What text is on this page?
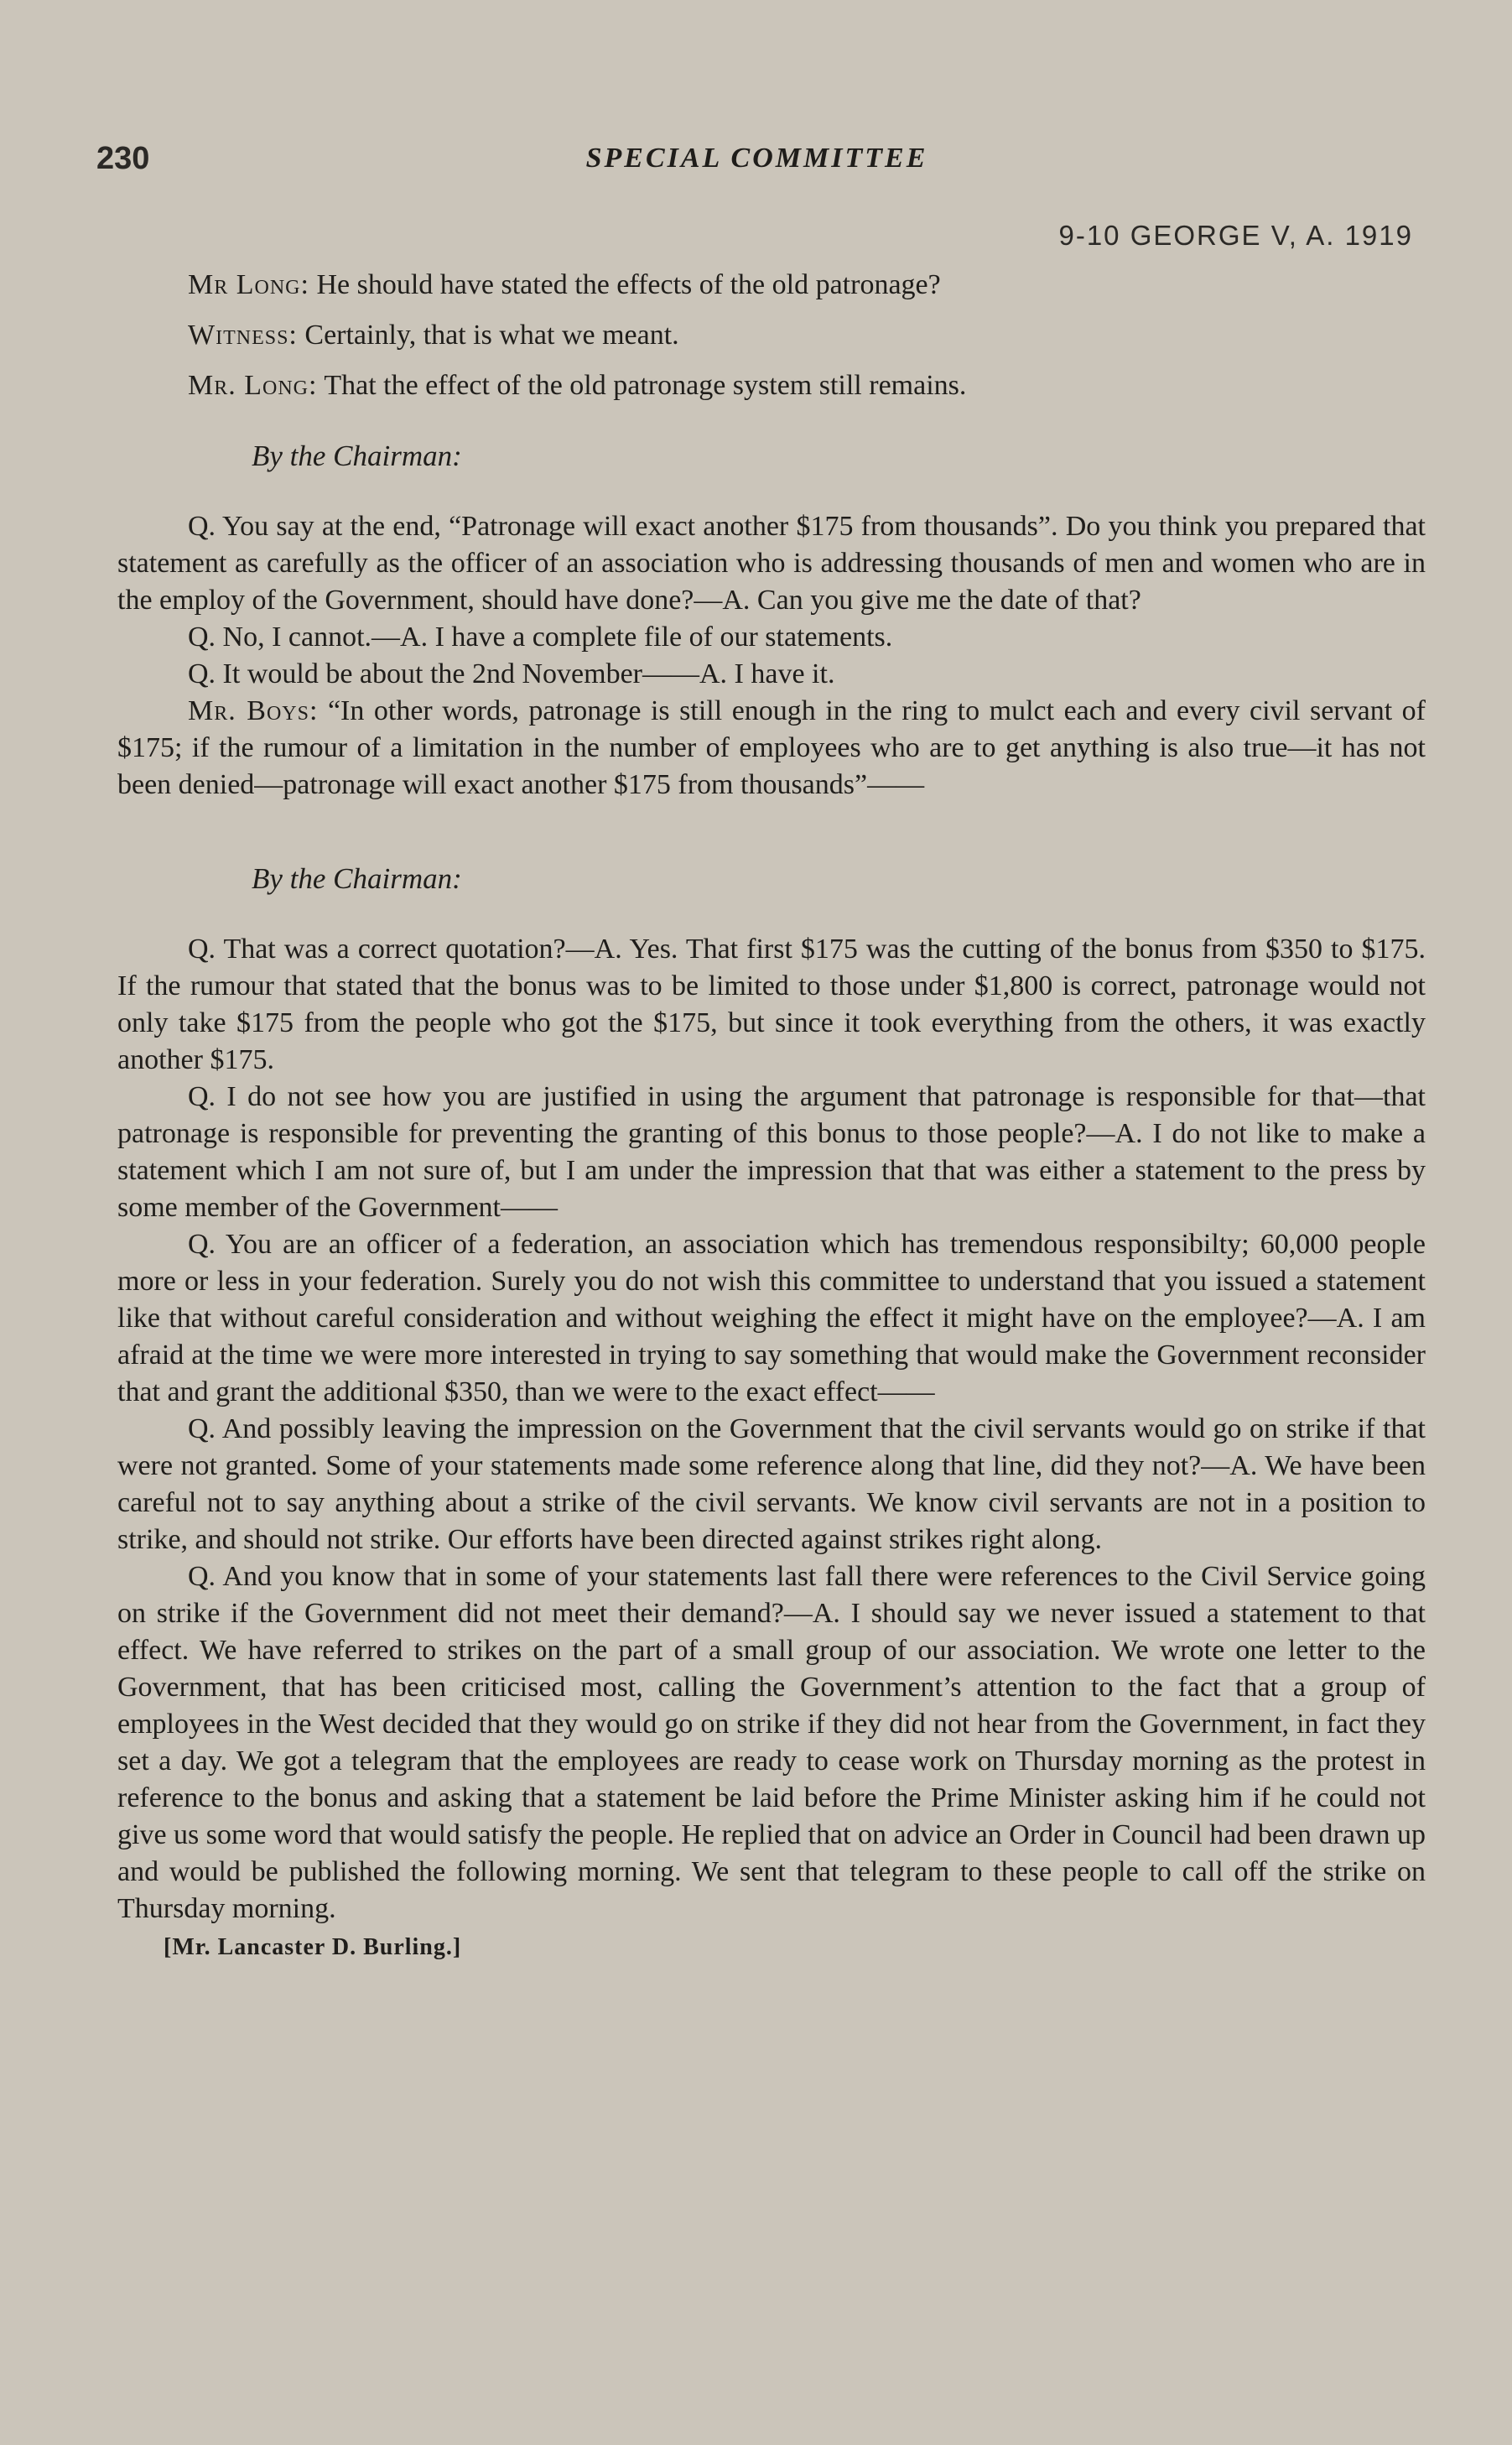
230	SPECIAL COMMITTEE
9-10 GEORGE V, A. 1919

Mr Long: He should have stated the effects of the old patronage?

Witness: Certainly, that is what we meant.

Mr. Long: That the effect of the old patronage system still remains.

By the Chairman:

Q. You say at the end, “Patronage will exact another $175 from thousands”. Do you think you prepared that statement as carefully as the officer of an association who is addressing thousands of men and women who are in the employ of the Government, should have done?—A. Can you give me the date of that?

Q. No, I cannot.—A. I have a complete file of our statements.

Q. It would be about the 2nd November——A. I have it.

Mr. Boys: “In other words, patronage is still enough in the ring to mulct each and every civil servant of $175; if the rumour of a limitation in the number of employees who are to get anything is also true—it has not been denied—patronage will exact another $175 from thousands”——

By the Chairman:

Q. That was a correct quotation?—A. Yes. That first $175 was the cutting of the bonus from $350 to $175. If the rumour that stated that the bonus was to be limited to those under $1,800 is correct, patronage would not only take $175 from the people who got the $175, but since it took everything from the others, it was exactly another $175.

Q. I do not see how you are justified in using the argument that patronage is responsible for that—that patronage is responsible for preventing the granting of this bonus to those people?—A. I do not like to make a statement which I am not sure of, but I am under the impression that that was either a statement to the press by some member of the Government——

Q. You are an officer of a federation, an association which has tremendous responsibilty; 60,000 people more or less in your federation. Surely you do not wish this committee to understand that you issued a statement like that without careful consideration and without weighing the effect it might have on the employee?—A. I am afraid at the time we were more interested in trying to say something that would make the Government reconsider that and grant the additional $350, than we were to the exact effect——

Q. And possibly leaving the impression on the Government that the civil servants would go on strike if that were not granted. Some of your statements made some reference along that line, did they not?—A. We have been careful not to say anything about a strike of the civil servants. We know civil servants are not in a position to strike, and should not strike. Our efforts have been directed against strikes right along.

Q. And you know that in some of your statements last fall there were references to the Civil Service going on strike if the Government did not meet their demand?—A. I should say we never issued a statement to that effect. We have referred to strikes on the part of a small group of our association. We wrote one letter to the Government, that has been criticised most, calling the Government’s attention to the fact that a group of employees in the West decided that they would go on strike if they did not hear from the Government, in fact they set a day. We got a telegram that the employees are ready to cease work on Thursday morning as the protest in reference to the bonus and asking that a statement be laid before the Prime Minister asking him if he could not give us some word that would satisfy the people. He replied that on advice an Order in Council had been drawn up and would be published the following morning. We sent that telegram to these people to call off the strike on Thursday morning.

[Mr. Lancaster D. Burling.]
